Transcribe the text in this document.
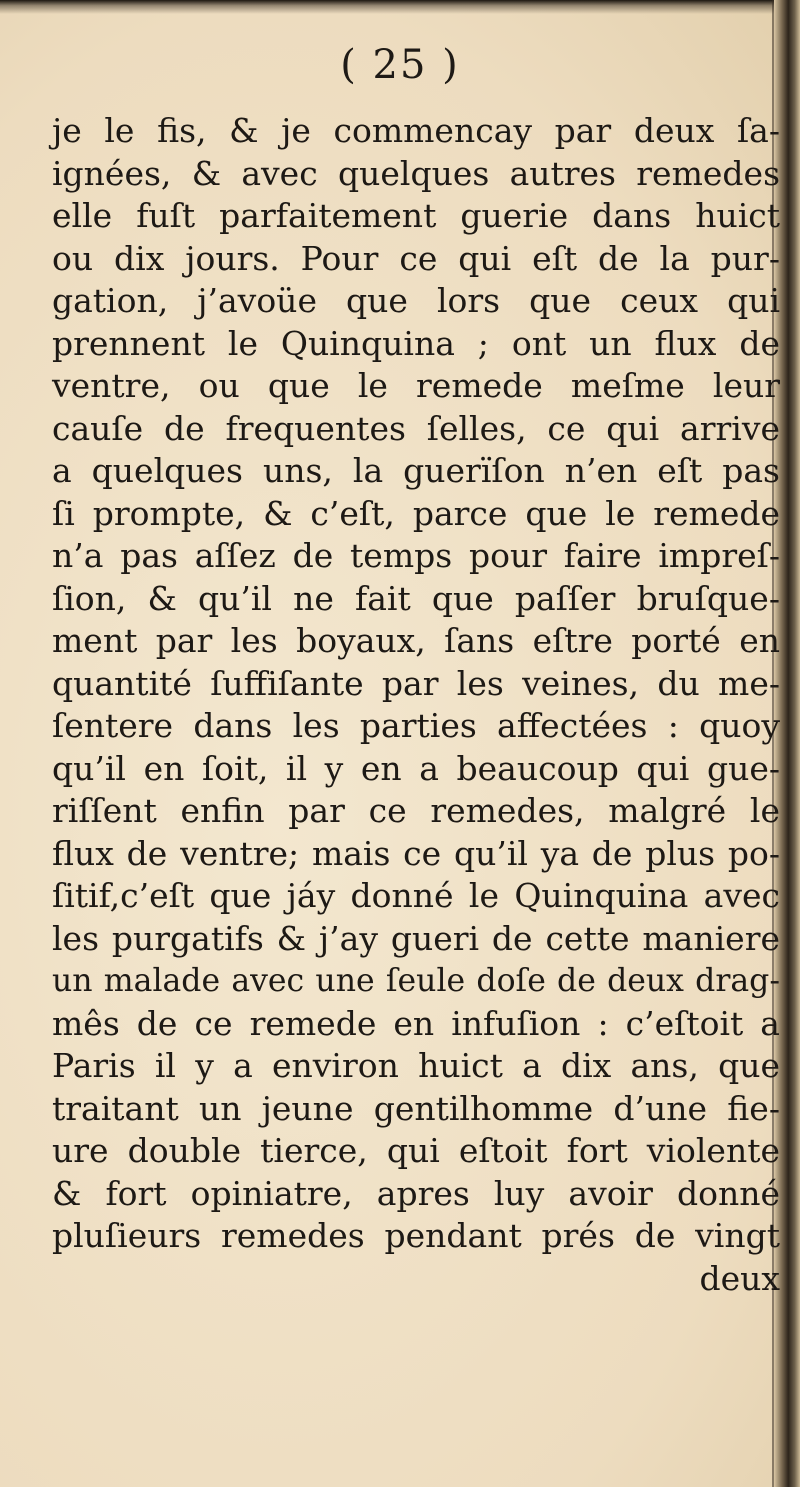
( 25 )
je le fis, & je commencay par deux ſa-
ignées, & avec quelques autres remedes
elle fuſt parfaitement guerie dans huict
ou dix jours. Pour ce qui eſt de la pur-
gation, j’avoüe que lors que ceux qui
prennent le Quinquina ; ont un flux de
ventre, ou que le remede meſme leur
cauſe de frequentes ſelles, ce qui arrive
a quelques uns, la guerïſon n’en eſt pas
ſi prompte, & c’eſt, parce que le remede
n’a pas aſſez de temps pour faire impreſ-
ſion, & qu’il ne fait que paſſer bruſque-
ment par les boyaux, ſans eſtre porté en
quantité ſuffiſante par les veines, du me-
ſentere dans les parties affectées : quoy
qu’il en ſoit, il y en a beaucoup qui gue-
riſſent enfin par ce remedes, malgré le
flux de ventre; mais ce qu’il ya de plus po-
ſitif,c’eſt que jáy donné le Quinquina avec
les purgatifs & j’ay gueri de cette maniere
un malade avec une ſeule doſe de deux drag-
mês de ce remede en infuſion : c’eſtoit a
Paris il y a environ huict a dix ans, que
traitant un jeune gentilhomme d’une fie-
ure double tierce, qui eſtoit fort violente
& fort opiniatre, apres luy avoir donné
pluſieurs remedes pendant prés de vingt
deux
